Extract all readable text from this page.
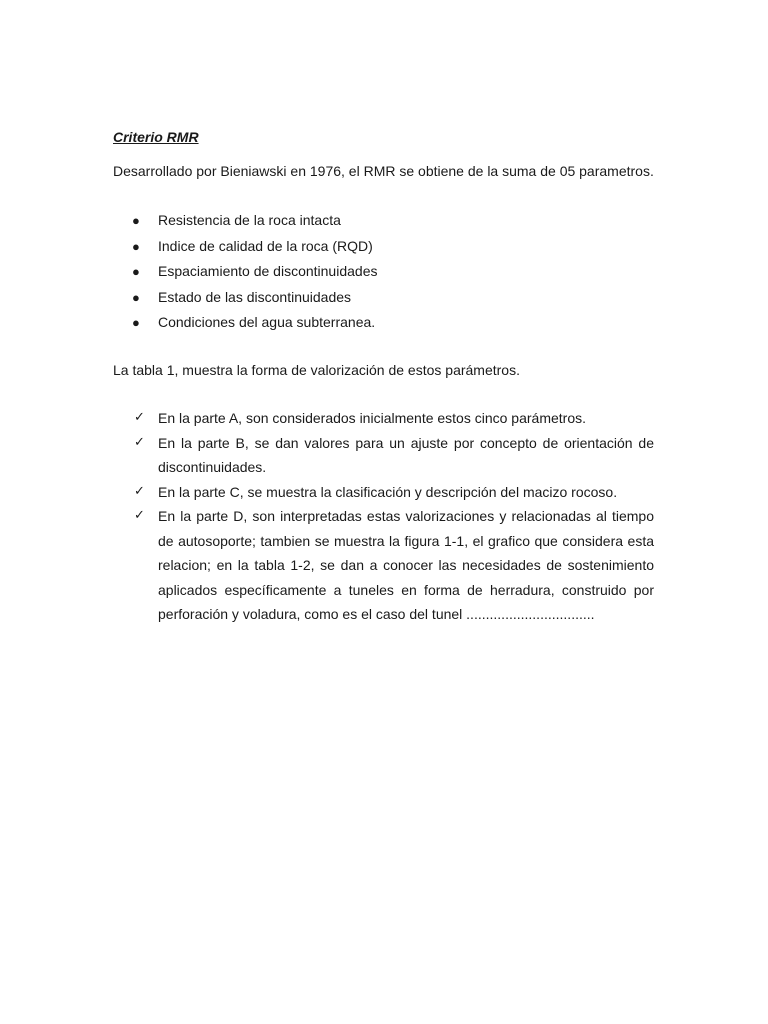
Criterio RMR

Desarrollado por Bieniawski en 1976, el RMR se obtiene de la suma de 05 parametros.

● Resistencia de la roca intacta
● Indice de calidad de la roca (RQD)
● Espaciamiento de discontinuidades
● Estado de las discontinuidades
● Condiciones del agua subterranea.

La tabla 1, muestra la forma de valorización de estos parámetros.

✓ En la parte A, son considerados inicialmente estos cinco parámetros.
✓ En la parte B, se dan valores para un ajuste por concepto de orientación de discontinuidades.
✓ En la parte C, se muestra la clasificación y descripción del macizo rocoso.
✓ En la parte D, son interpretadas estas valorizaciones y relacionadas al tiempo de autosoporte; tambien se muestra la figura 1-1, el grafico que considera esta relacion; en la tabla 1-2, se dan a conocer las necesidades de sostenimiento aplicados específicamente a tuneles en forma de herradura, construido por perforación y voladura, como es el caso del tunel .................................
